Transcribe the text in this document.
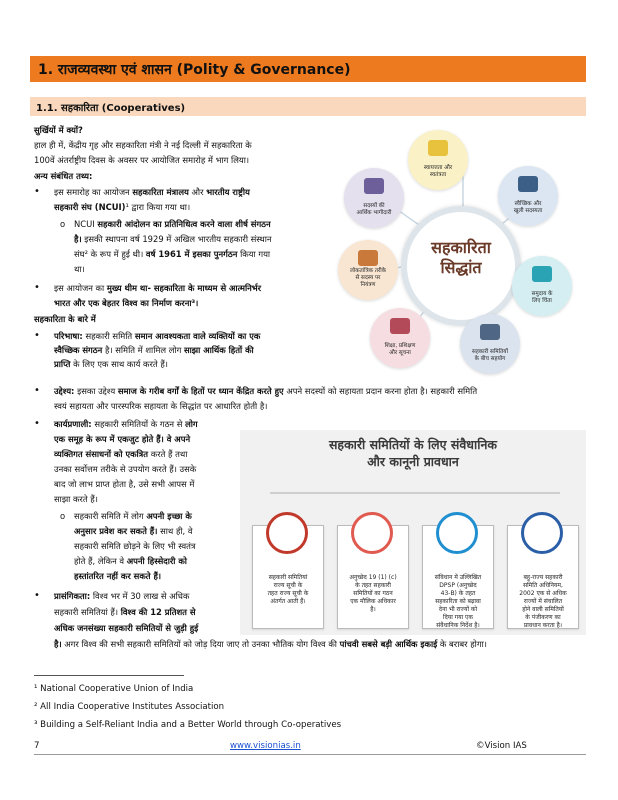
1. राजव्यवस्था एवं शासन (Polity & Governance)
1.1. सहकारिता (Cooperatives)
सुर्खियों में क्यों?
हाल ही में, केंद्रीय गृह और सहकारिता मंत्री ने नई दिल्ली में सहकारिता के
100वें अंतर्राष्ट्रीय दिवस के अवसर पर आयोजित समारोह में भाग लिया।
अन्य संबंधित तथ्य:
• इस समारोह का आयोजन सहकारिता मंत्रालय और भारतीय राष्ट्रीय
सहकारी संघ (NCUI)¹ द्वारा किया गया था।
o NCUI सहकारी आंदोलन का प्रतिनिधित्व करने वाला शीर्ष संगठन
है। इसकी स्थापना वर्ष 1929 में अखिल भारतीय सहकारी संस्थान
संघ² के रूप में हुई थी। वर्ष 1961 में इसका पुनर्गठन किया गया
था।
• इस आयोजन का मुख्य थीम था- सहकारिता के माध्यम से आत्मनिर्भर
भारत और एक बेहतर विश्व का निर्माण करना³।
सहकारिता के बारे में
• परिभाषा: सहकारी समिति समान आवश्यकता वाले व्यक्तियों का एक
स्वैच्छिक संगठन है। समिति में शामिल लोग साझा आर्थिक हितों की
प्राप्ति के लिए एक साथ कार्य करते हैं।
• उद्देश्य: इसका उद्देश्य समाज के गरीब वर्गों के हितों पर ध्यान केंद्रित करते हुए अपने सदस्यों को सहायता प्रदान करना होता है। सहकारी समिति
स्वयं सहायता और पारस्परिक सहायता के सिद्धांत पर आधारित होती है।
• कार्यप्रणाली: सहकारी समितियों के गठन से लोग
एक समूह के रूप में एकजुट होते हैं। वे अपने
व्यक्तिगत संसाधनों को एकत्रित करते हैं तथा
उनका सर्वोत्तम तरीके से उपयोग करते हैं। उसके
बाद जो लाभ प्राप्त होता है, उसे सभी आपस में
साझा करते हैं।
o सहकारी समिति में लोग अपनी इच्छा के
अनुसार प्रवेश कर सकते हैं। साथ ही, वे
सहकारी समिति छोड़ने के लिए भी स्वतंत्र
होते हैं, लेकिन वे अपनी हिस्सेदारी को
हस्तांतरित नहीं कर सकते हैं।
• प्रासंगिकता: विश्व भर में 30 लाख से अधिक
सहकारी समितियां हैं। विश्व की 12 प्रतिशत से
अधिक जनसंख्या सहकारी समितियों से जुड़ी हुई
है। अगर विश्व की सभी सहकारी समितियों को जोड़ दिया जाए तो उनका भौतिक योग विश्व की पांचवी सबसे बड़ी आर्थिक इकाई के बराबर होगा।
सहकारिता
सिद्धांत
स्वायत्तता और
स्वतंत्रता
स्वैच्छिक और
खुली सदस्यता
समुदाय के
लिए चिंता
सहकारी समितियों
के बीच सहयोग
शिक्षा, प्रशिक्षण
और सूचना
लोकतांत्रिक तरीके
से सदस्य पर
नियंत्रण
सदस्यों की
आर्थिक भागीदारी
सहकारी समितियों के लिए संवैधानिक
और कानूनी प्रावधान
सहकारी समितियां
राज्य सूची के
तहत राज्य सूची के
अंतर्गत आती हैं।
अनुच्छेद 19 (1) (c)
के तहत सहकारी
समितियों का गठन
एक मौलिक अधिकार
है।
संविधान में उल्लिखित
DPSP (अनुच्छेद
43-B) के तहत
सहकारिता को बढ़ावा
देना भी राज्यों को
दिया गया एक
संवैधानिक निर्देश है।
बहु-राज्य सहकारी
समिति अधिनियम,
2002 एक से अधिक
राज्यों में संचालित
होने वाली समितियों
के पंजीकरण का
प्रावधान करता है।
¹ National Cooperative Union of India
² All India Cooperative Institutes Association
³ Building a Self-Reliant India and a Better World through Co-operatives
7	www.visionias.in	©Vision IAS
